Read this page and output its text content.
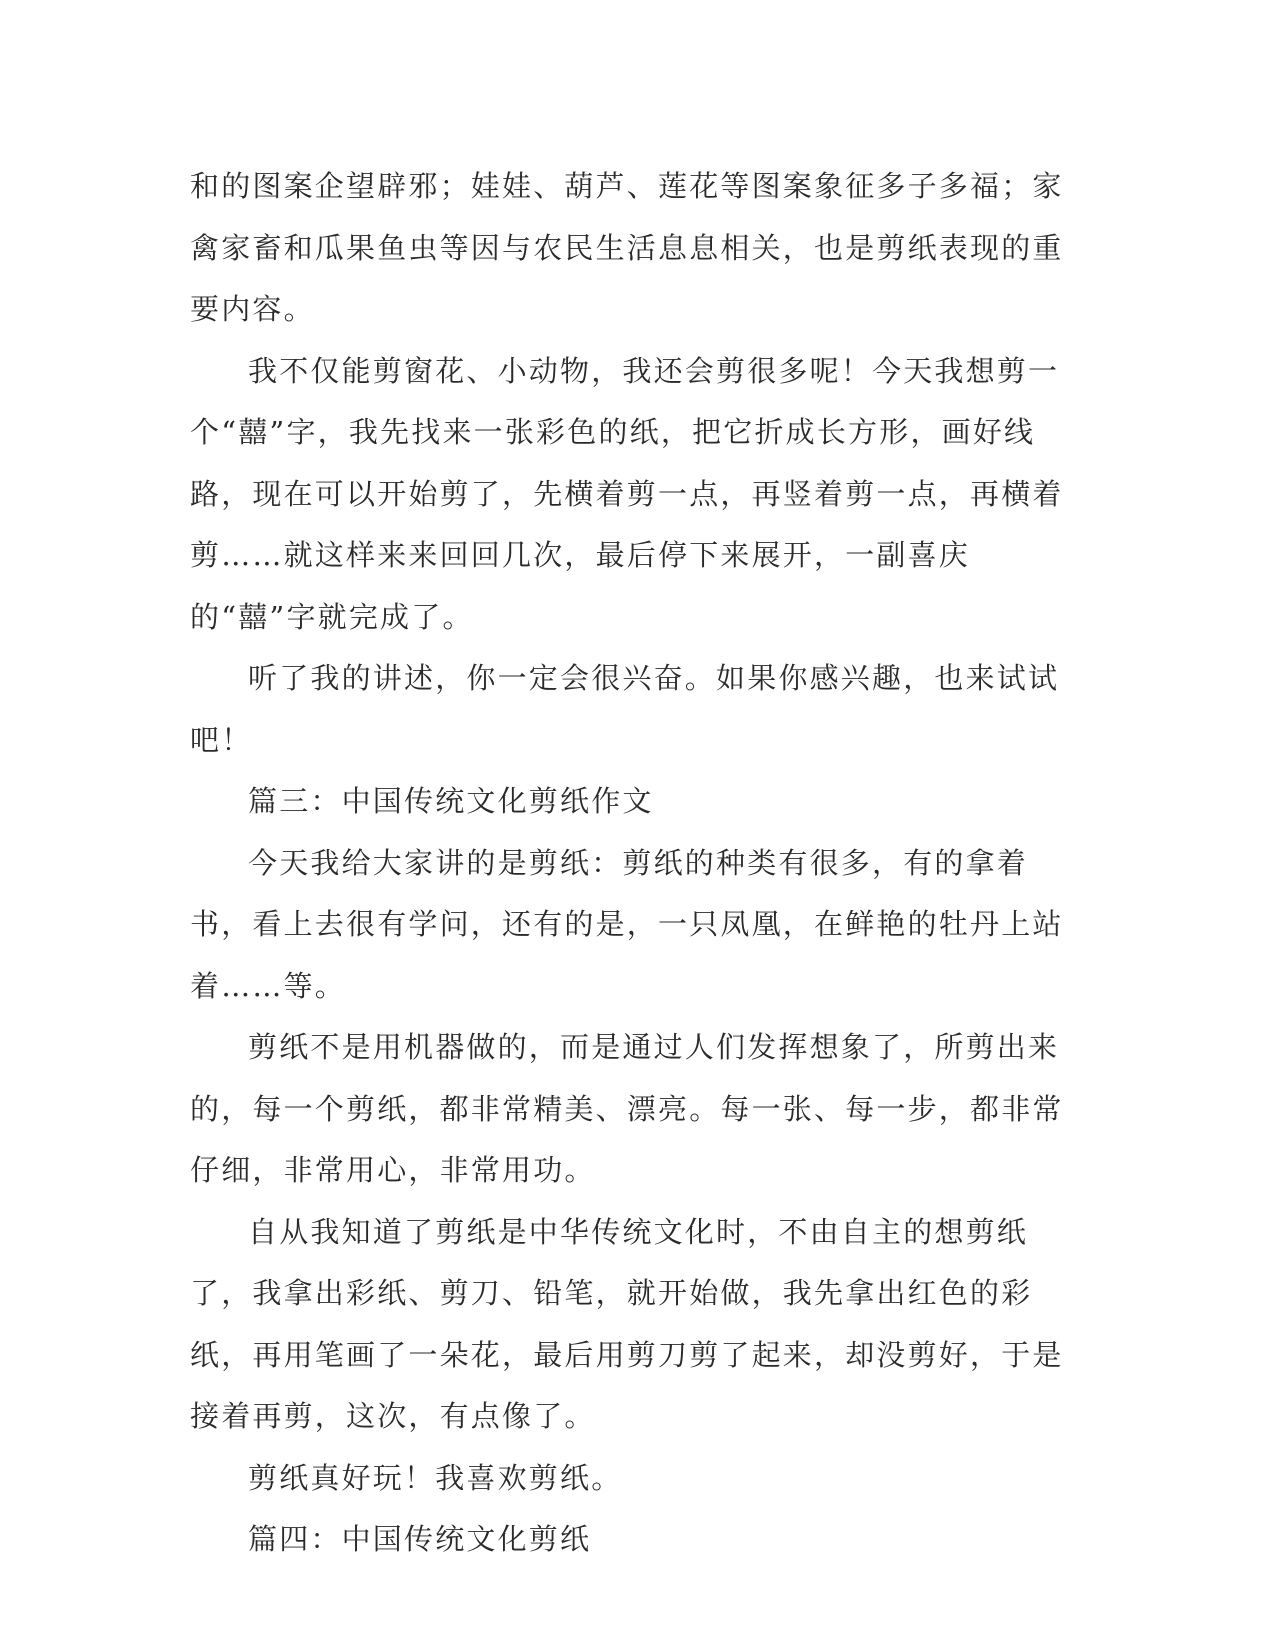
和的图案企望辟邪；娃娃、葫芦、莲花等图案象征多子多福；家禽家畜和瓜果鱼虫等因与农民生活息息相关，也是剪纸表现的重要内容。

我不仅能剪窗花、小动物，我还会剪很多呢！今天我想剪一个“囍”字，我先找来一张彩色的纸，把它折成长方形，画好线路，现在可以开始剪了，先横着剪一点，再竖着剪一点，再横着剪……就这样来来回回几次，最后停下来展开，一副喜庆的“囍”字就完成了。

听了我的讲述，你一定会很兴奋。如果你感兴趣，也来试试吧！

篇三：中国传统文化剪纸作文

今天我给大家讲的是剪纸：剪纸的种类有很多，有的拿着书，看上去很有学问，还有的是，一只凤凰，在鲜艳的牡丹上站着……等。

剪纸不是用机器做的，而是通过人们发挥想象了，所剪出来的，每一个剪纸，都非常精美、漂亮。每一张、每一步，都非常仔细，非常用心，非常用功。

自从我知道了剪纸是中华传统文化时，不由自主的想剪纸了，我拿出彩纸、剪刀、铅笔，就开始做，我先拿出红色的彩纸，再用笔画了一朵花，最后用剪刀剪了起来，却没剪好，于是接着再剪，这次，有点像了。

剪纸真好玩！我喜欢剪纸。

篇四：中国传统文化剪纸
